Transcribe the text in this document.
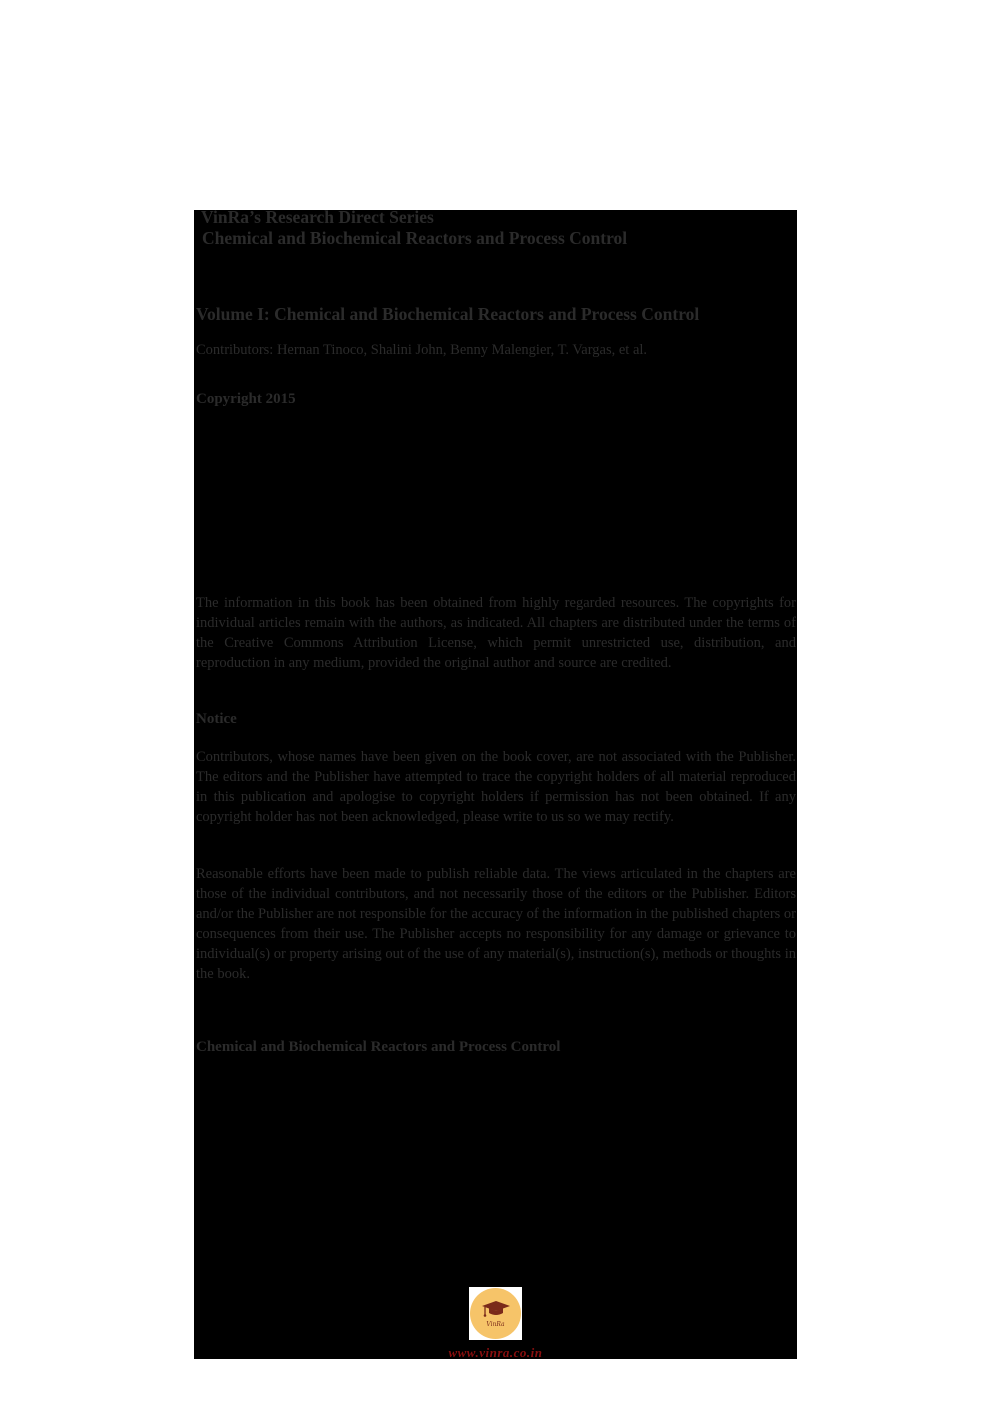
VinRa’s Research Direct Series

Chemical and Biochemical Reactors and Process Control

Volume I: Chemical and Biochemical Reactors and Process Control

Contributors: Hernan Tinoco, Shalini John, Benny Malengier, T. Vargas, et al.

Copyright 2015

The information in this book has been obtained from highly regarded resources. The copyrights for individual articles remain with the authors, as indicated. All chapters are distributed under the terms of the Creative Commons Attribution License, which permit unrestricted use, distribution, and reproduction in any medium, provided the original author and source are credited.

Notice

Contributors, whose names have been given on the book cover, are not associated with the Publisher. The editors and the Publisher have attempted to trace the copyright holders of all material reproduced in this publication and apologise to copyright holders if permission has not been obtained. If any copyright holder has not been acknowledged, please write to us so we may rectify.

Reasonable efforts have been made to publish reliable data. The views articulated in the chapters are those of the individual contributors, and not necessarily those of the editors or the Publisher. Editors and/or the Publisher are not responsible for the accuracy of the information in the published chapters or consequences from their use. The Publisher accepts no responsibility for any damage or grievance to individual(s) or property arising out of the use of any material(s), instruction(s), methods or thoughts in the book.

Chemical and Biochemical Reactors and Process Control

VinRa
www.vinra.co.in
